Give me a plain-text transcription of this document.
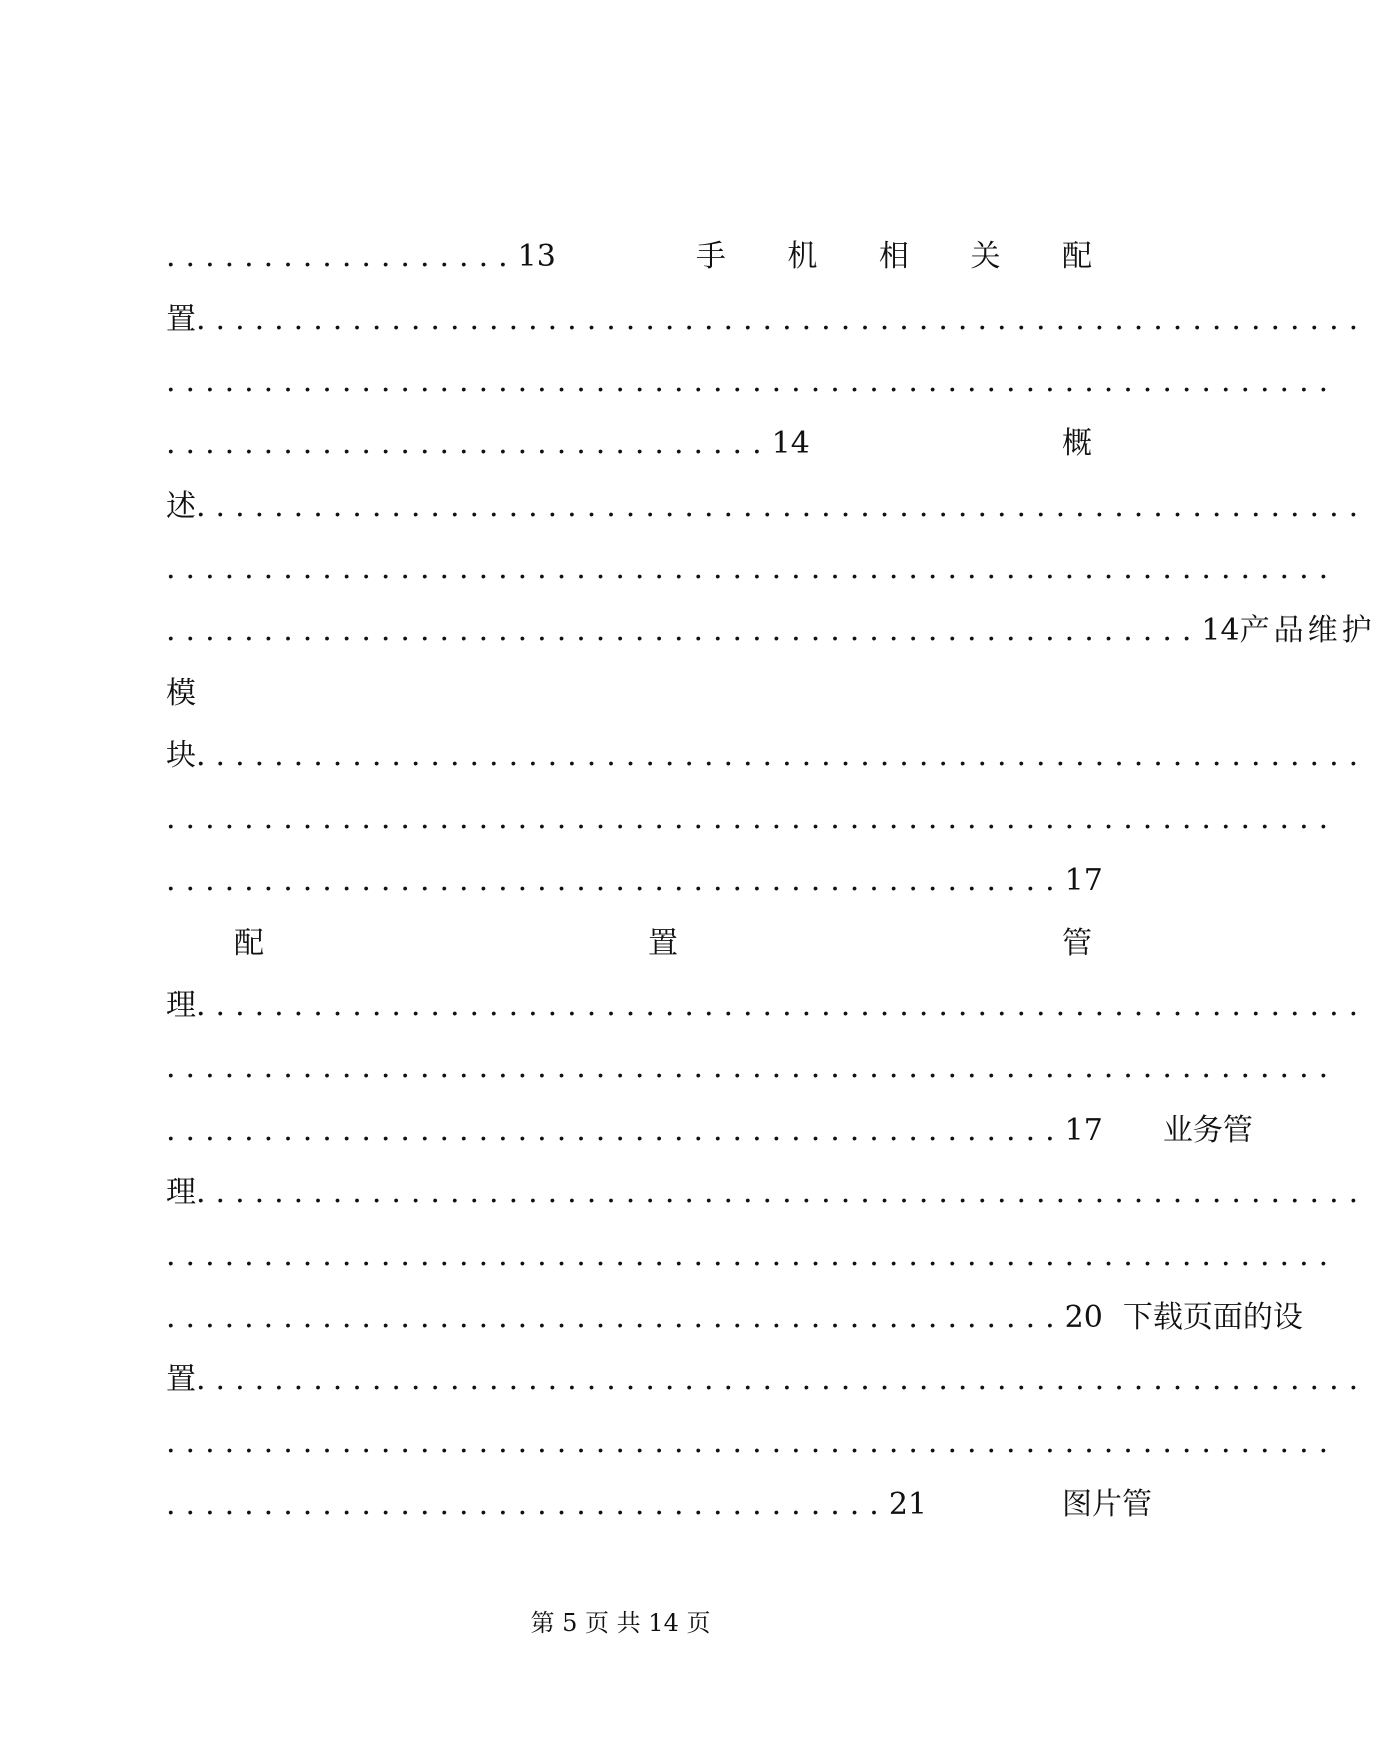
.................. 13	手 机 相 关 配
置 ............................................................
............................................................
............................... 14	概
述 ............................................................
............................................................
..................................................... 14 产品维护
模
块 ............................................................
............................................................
.............................................. 17
配	置	管
理 ............................................................
............................................................
.............................................. 17 业 务 管
理 ............................................................
............................................................
.............................................. 20 下 载 页 面 的 设
置 ............................................................
............................................................
..................................... 21	图 片 管
第 5 页 共 14 页
